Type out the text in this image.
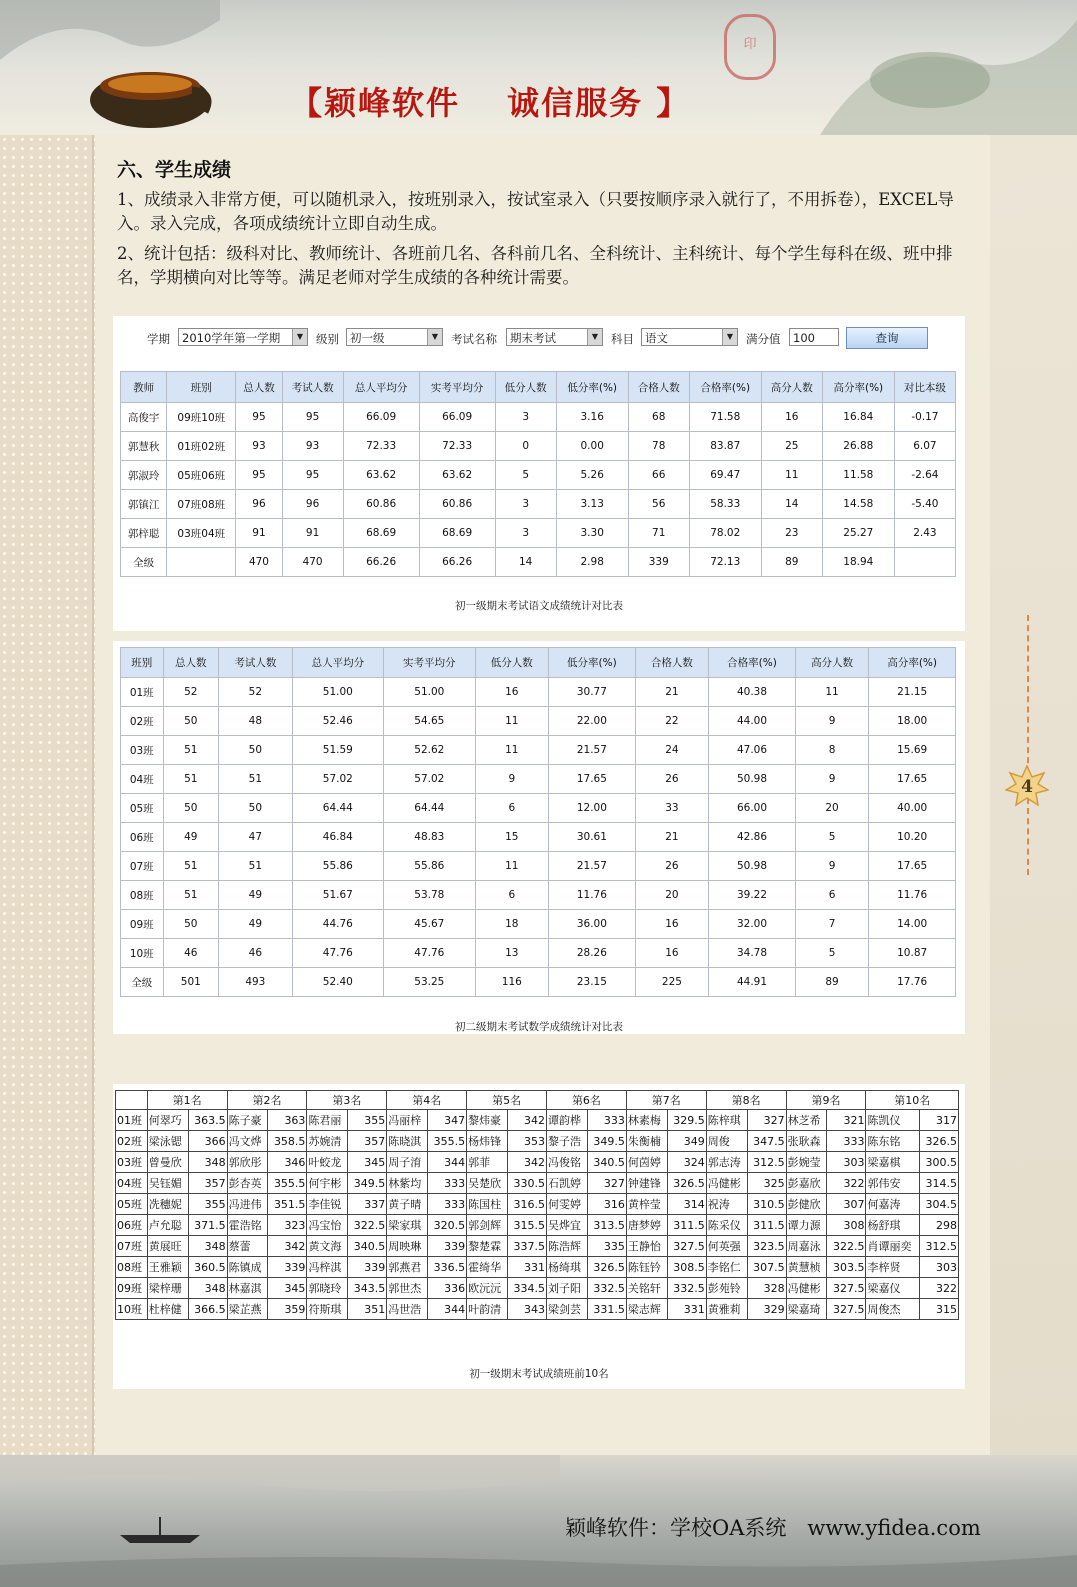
印
【颖峰软件　 诚信服务 】
4
六、学生成绩
1、成绩录入非常方便，可以随机录入，按班别录入，按试室录入（只要按顺序录入就行了，不用拆卷），EXCEL导入。录入完成，各项成绩统计立即自动生成。
2、统计包括：级科对比、教师统计、各班前几名、各科前几名、全科统计、主科统计、每个学生每科在级、班中排名，学期横向对比等等。满足老师对学生成绩的各种统计需要。
学期	2010学年第一学期	▼	级别 初一级	▼	考试名称	期末考试	▼	科目 语文	▼	满分值	100	查询
教师	班别	总人数	考试人数	总人平均分	实考平均分	低分人数	低分率(%)	合格人数	合格率(%)	高分人数	高分率(%)	对比本级
高俊宇	09班10班	95	95	66.09	66.09	3	3.16	68	71.58	16	16.84	-0.17
郭慧秋	01班02班	93	93	72.33	72.33	0	0.00	78	83.87	25	26.88	6.07
郭淑玲	05班06班	95	95	63.62	63.62	5	5.26	66	69.47	11	11.58	-2.64
郭镇江	07班08班	96	96	60.86	60.86	3	3.13	56	58.33	14	14.58	-5.40
郭梓聪	03班04班	91	91	68.69	68.69	3	3.30	71	78.02	23	25.27	2.43
全级		470	470	66.26	66.26	14	2.98	339	72.13	89	18.94	
初一级期末考试语文成绩统计对比表
班别	总人数	考试人数	总人平均分	实考平均分	低分人数	低分率(%)	合格人数	合格率(%)	高分人数	高分率(%)
01班	52	52	51.00	51.00	16	30.77	21	40.38	11	21.15
02班	50	48	52.46	54.65	11	22.00	22	44.00	9	18.00
03班	51	50	51.59	52.62	11	21.57	24	47.06	8	15.69
04班	51	51	57.02	57.02	9	17.65	26	50.98	9	17.65
05班	50	50	64.44	64.44	6	12.00	33	66.00	20	40.00
06班	49	47	46.84	48.83	15	30.61	21	42.86	5	10.20
07班	51	51	55.86	55.86	11	21.57	26	50.98	9	17.65
08班	51	49	51.67	53.78	6	11.76	20	39.22	6	11.76
09班	50	49	44.76	45.67	18	36.00	16	32.00	7	14.00
10班	46	46	47.76	47.76	13	28.26	16	34.78	5	10.87
全级	501	493	52.40	53.25	116	23.15	225	44.91	89	17.76
初二级期末考试数学成绩统计对比表
	第1名		第2名		第3名		第4名		第5名		第6名		第7名		第8名		第9名		第10名	
01班	何翠巧	363.5	陈子豪	363	陈君丽	355	冯丽梓	347	黎炜豪	342	谭韵桦	333	林素梅	329.5	陈梓琪	327	林芝希	321	陈凯仪	317
02班	梁泳锶	366	冯文烨	358.5	苏婉清	357	陈晓淇	355.5	杨炜锋	353	黎子浩	349.5	朱衡楠	349	周俊	347.5	张耿森	333	陈东铭	326.5
03班	曾曼欣	348	郭欣彤	346	叶蛟龙	345	周子淯	344	郭菲	342	冯俊铭	340.5	何茵婷	324	郭志涛	312.5	彭婉莹	303	梁嘉棋	300.5
04班	吴钰媚	357	彭杏英	355.5	何宇彬	349.5	林紫均	333	吴楚欣	330.5	石凯婷	327	钟建锋	326.5	冯健彬	325	彭嘉欣	322	郭伟安	314.5
05班	冼穗妮	355	冯进伟	351.5	李佳锐	337	黄子晴	333	陈国柱	316.5	何雯婷	316	黄梓莹	314	祝涛	310.5	彭健欣	307	何嘉涛	304.5
06班	卢允聪	371.5	霍浩铭	323	冯宝怡	322.5	梁家琪	320.5	郭剑辉	315.5	吴烨宜	313.5	唐梦婷	311.5	陈采仪	311.5	谭力源	308	杨舒琪	298
07班	黄展旺	348	蔡蕾	342	黄文海	340.5	周映琳	339	黎楚霖	337.5	陈浩辉	335	王静怡	327.5	何英强	323.5	周嘉泳	322.5	肖谭丽奕	312.5
08班	王雅颖	360.5	陈镇成	339	冯梓淇	339	郭燕君	336.5	霍绮华	331	杨绮琪	326.5	陈钰钤	308.5	李铭仁	307.5	黄慧桢	303.5	李梓贤	303
09班	梁梓珊	348	林嘉淇	345	郭晓玲	343.5	郭世杰	336	欧沅沅	334.5	刘子阳	332.5	关铭轩	332.5	彭苑铃	328	冯健彬	327.5	梁嘉仪	322
10班	杜梓健	366.5	梁芷燕	359	符斯琪	351	冯世浩	344	叶韵清	343	梁剑芸	331.5	梁志辉	331	黄雅莉	329	梁嘉琦	327.5	周俊杰	315
初一级期末考试成绩班前10名
颖峰软件：学校OA系统　www.yfidea.com
